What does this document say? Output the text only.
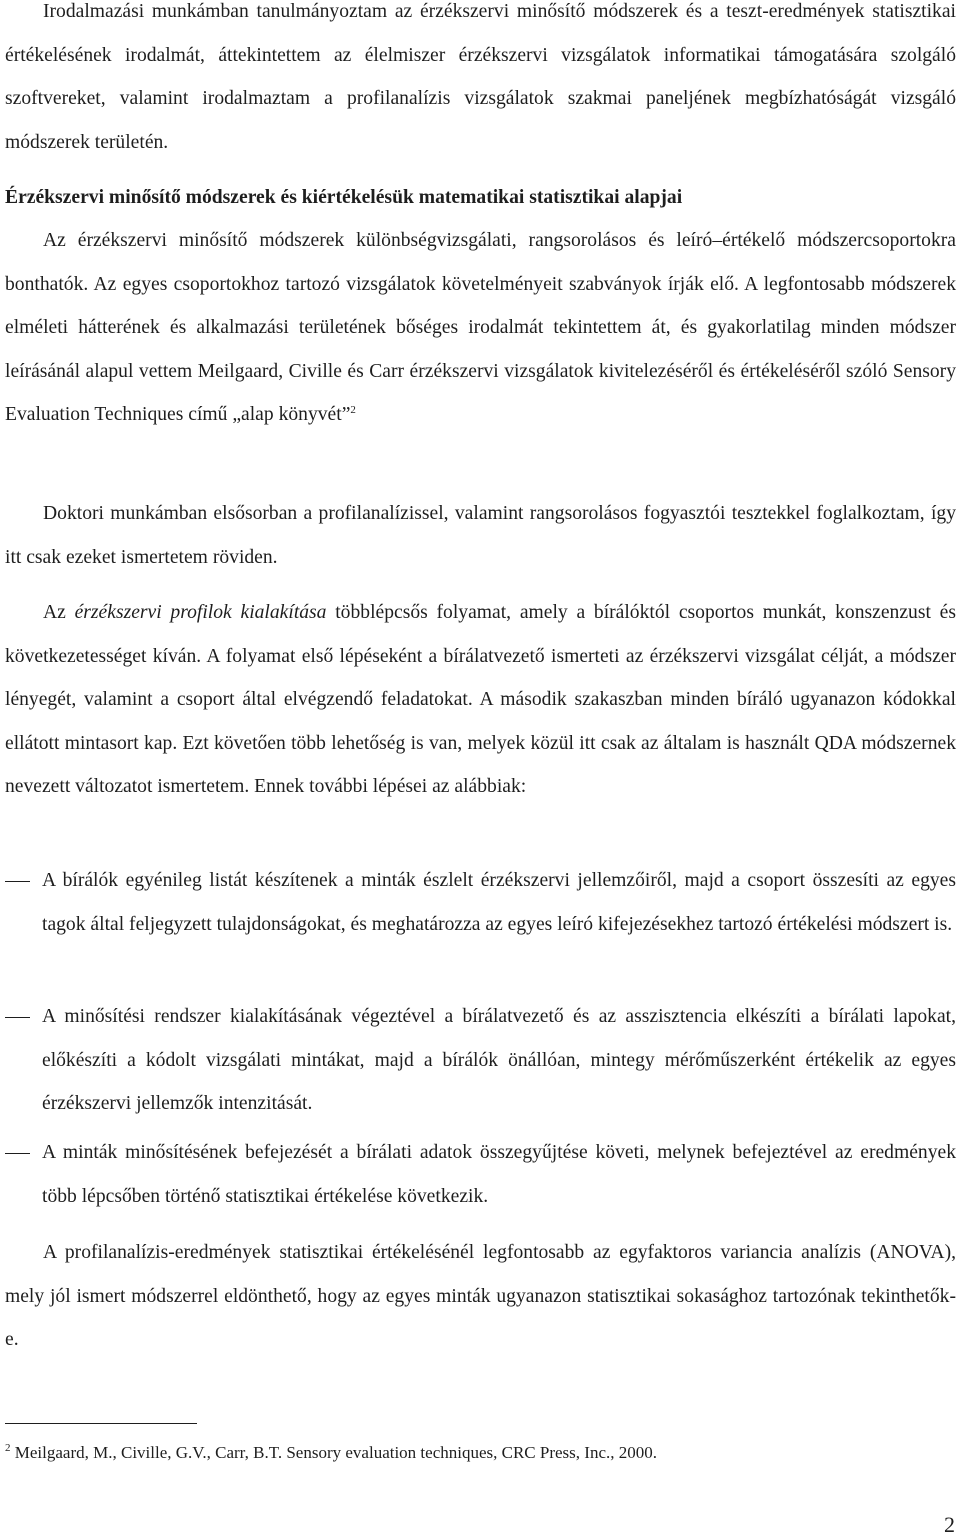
Irodalmazási munkámban tanulmányoztam az érzékszervi minősítő módszerek és a teszt-eredmények statisztikai értékelésének irodalmát, áttekintettem az élelmiszer érzékszervi vizsgálatok informatikai támogatására szolgáló szoftvereket, valamint irodalmaztam a profilanalízis vizsgálatok szakmai paneljének megbízhatóságát vizsgáló módszerek területén.

Érzékszervi minősítő módszerek és kiértékelésük matematikai statisztikai alapjai

Az érzékszervi minősítő módszerek különbségvizsgálati, rangsorolásos és leíró–értékelő módszercsoportokra bonthatók. Az egyes csoportokhoz tartozó vizsgálatok követelményeit szabványok írják elő. A legfontosabb módszerek elméleti hátterének és alkalmazási területének bőséges irodalmát tekintettem át, és gyakorlatilag minden módszer leírásánál alapul vettem Meilgaard, Civille és Carr érzékszervi vizsgálatok kivitelezéséről és értékeléséről szóló Sensory Evaluation Techniques című „alap könyvét”$^2$

Doktori munkámban elsősorban a profilanalízissel, valamint rangsorolásos fogyasztói tesztekkel foglalkoztam, így itt csak ezeket ismertetem röviden.

Az érzékszervi profilok kialakítása többlépcsős folyamat, amely a bírálóktól csoportos munkát, konszenzust és következetességet kíván. A folyamat első lépéseként a bírálatvezető ismerteti az érzékszervi vizsgálat célját, a módszer lényegét, valamint a csoport által elvégzendő feladatokat. A második szakaszban minden bíráló ugyanazon kódokkal ellátott mintasort kap. Ezt követően több lehetőség is van, melyek közül itt csak az általam is használt QDA módszernek nevezett változatot ismertetem. Ennek további lépései az alábbiak:

A bírálók egyénileg listát készítenek a minták észlelt érzékszervi jellemzőiről, majd a csoport összesíti az egyes tagok által feljegyzett tulajdonságokat, és meghatározza az egyes leíró kifejezésekhez tartozó értékelési módszert is.

A minősítési rendszer kialakításának végeztével a bírálatvezető és az asszisztencia elkészíti a bírálati lapokat, előkészíti a kódolt vizsgálati mintákat, majd a bírálók önállóan, mintegy mérőműszerként értékelik az egyes érzékszervi jellemzők intenzitását.

A minták minősítésének befejezését a bírálati adatok összegyűjtése követi, melynek befejeztével az eredmények több lépcsőben történő statisztikai értékelése következik.

A profilanalízis-eredmények statisztikai értékelésénél legfontosabb az egyfaktoros variancia analízis (ANOVA), mely jól ismert módszerrel eldönthető, hogy az egyes minták ugyanazon statisztikai sokasághoz tartozónak tekinthetők-e.

$^2$ Meilgaard, M., Civille, G.V., Carr, B.T. Sensory evaluation techniques, CRC Press, Inc., 2000.

2
